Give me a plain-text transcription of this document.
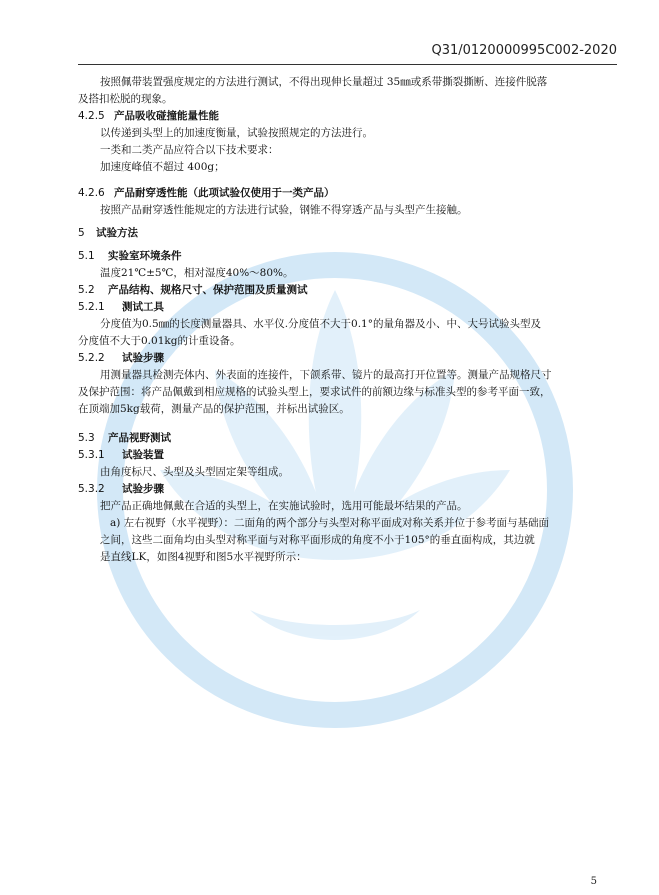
Q31/0120000995C002-2020

按照佩带装置强度规定的方法进行测试，不得出现伸长量超过 35㎜或系带撕裂撕断、连接件脱落

及搭扣松脱的现象。

4.2.5 产品吸收碰撞能量性能

以传递到头型上的加速度衡量，试验按照规定的方法进行。

一类和二类产品应符合以下技术要求：

加速度峰值不超过 400g；

4.2.6 产品耐穿透性能（此项试验仅使用于一类产品）

按照产品耐穿透性能规定的方法进行试验，钢锥不得穿透产品与头型产生接触。

5 试验方法

5.1 实验室环境条件

温度21℃±5℃，相对湿度40%～80%。

5.2 产品结构、规格尺寸、保护范围及质量测试

5.2.1 测试工具

分度值为0.5㎜的长度测量器具、水平仪.分度值不大于0.1°的量角器及小、中、大号试验头型及

分度值不大于0.01kg的计重设备。

5.2.2 试验步骤

用测量器具检测壳体内、外表面的连接件，下颌系带、镜片的最高打开位置等。测量产品规格尺寸

及保护范围：将产品佩戴到相应规格的试验头型上，要求试件的前额边缘与标准头型的参考平面一致，

在顶端加5kg载荷，测量产品的保护范围，并标出试验区。

5.3 产品视野测试

5.3.1 试验装置

由角度标尺、头型及头型固定架等组成。

5.3.2 试验步骤

把产品正确地佩戴在合适的头型上，在实施试验时，选用可能最坏结果的产品。

a) 左右视野（水平视野）：二面角的两个部分与头型对称平面成对称关系并位于参考面与基础面

之间，这些二面角均由头型对称平面与对称平面形成的角度不小于105°的垂直面构成，其边就

是直线LK，如图4视野和图5水平视野所示：

5
